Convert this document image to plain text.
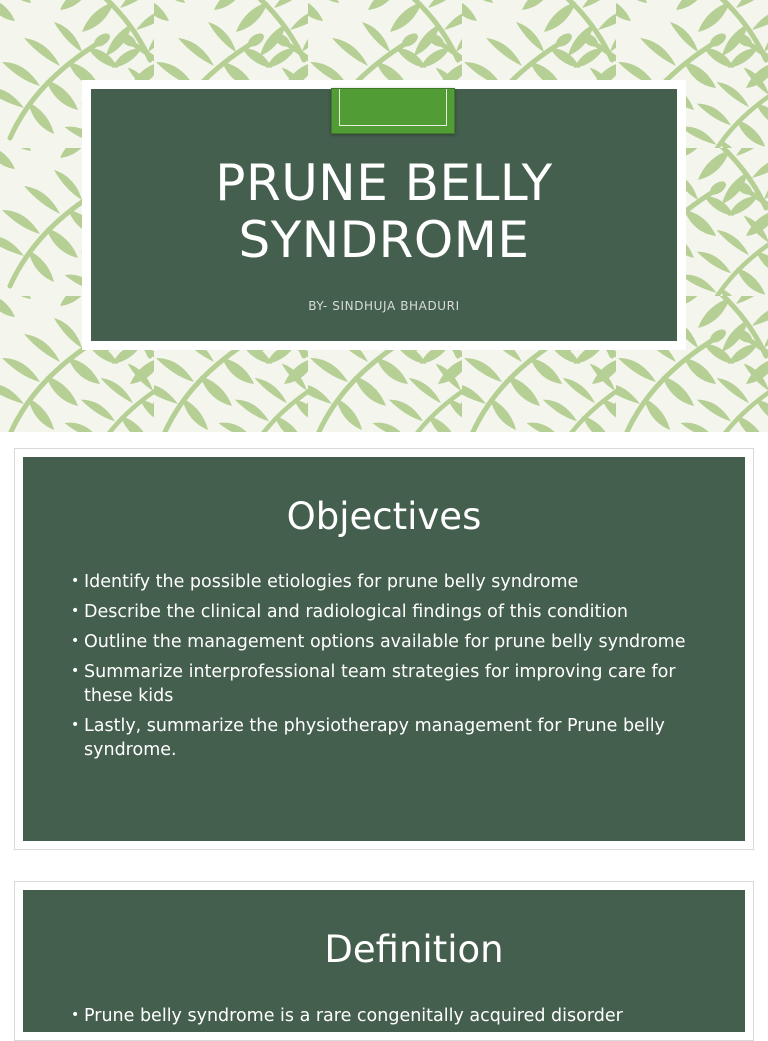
PRUNE BELLY SYNDROME
BY- SINDHUJA BHADURI
Objectives
• Identify the possible etiologies for prune belly syndrome
• Describe the clinical and radiological findings of this condition
• Outline the management options available for prune belly syndrome
• Summarize interprofessional team strategies for improving care for these kids
• Lastly, summarize the physiotherapy management for Prune belly syndrome.
Definition
• Prune belly syndrome is a rare congenitally acquired disorder
